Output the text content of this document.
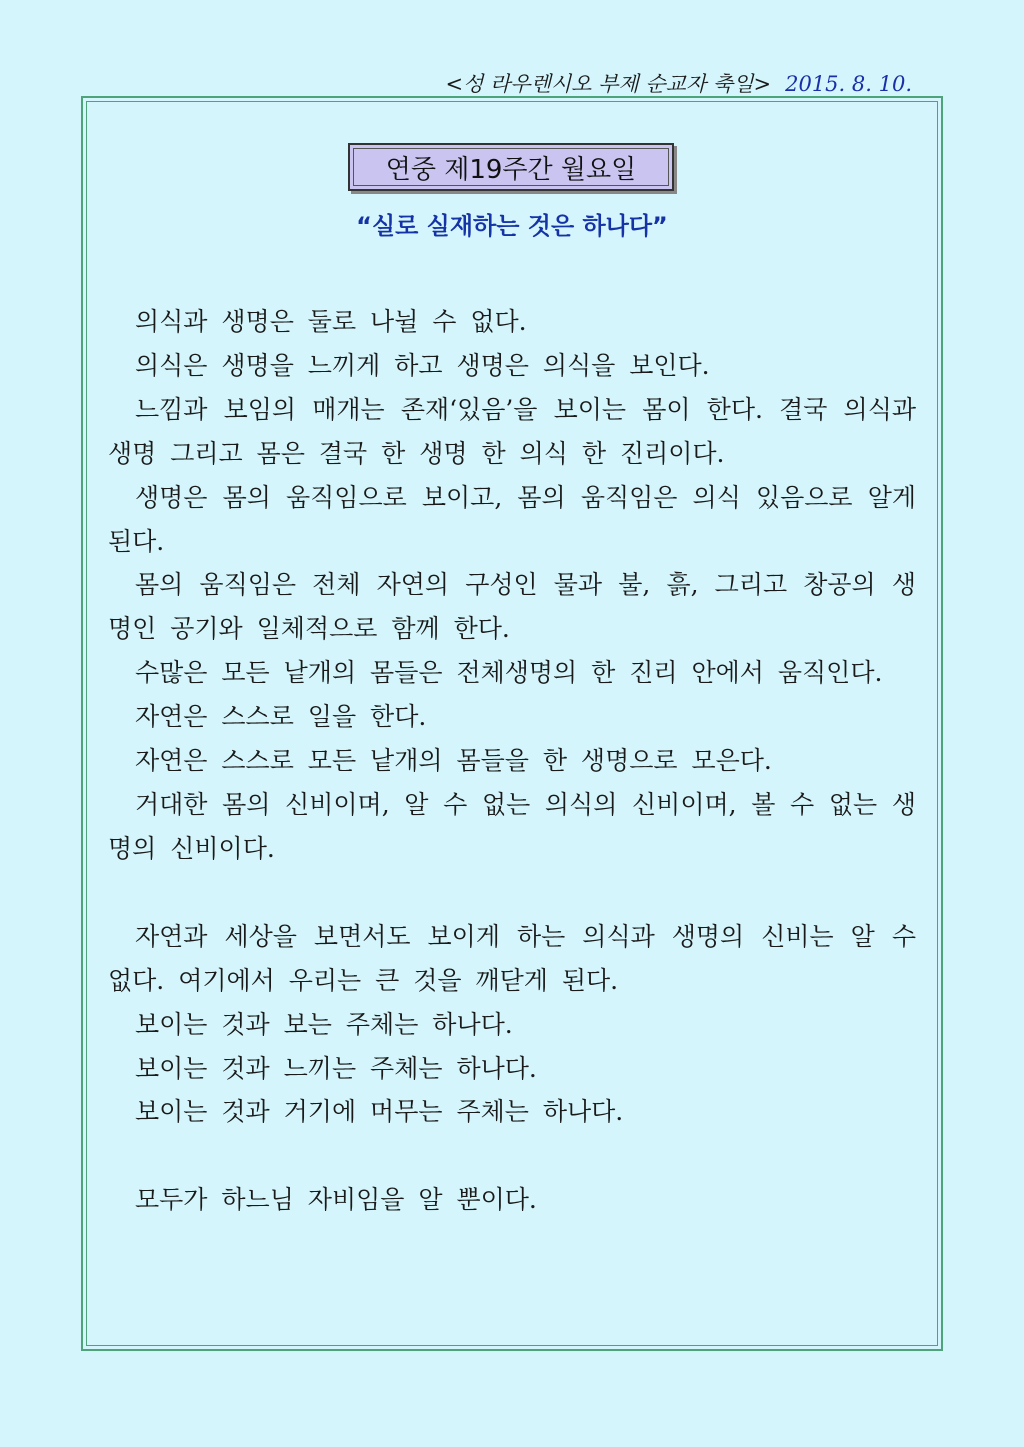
<성 라우렌시오 부제 순교자 축일> 2015. 8. 10.
연중 제19주간 월요일
“실로 실재하는 것은 하나다”

의식과 생명은 둘로 나뉠 수 없다.

의식은 생명을 느끼게 하고 생명은 의식을 보인다.

느낌과 보임의 매개는 존재‘있음’을 보이는 몸이 한다. 결국 의식과 생명 그리고 몸은 결국 한 생명 한 의식 한 진리이다.

생명은 몸의 움직임으로 보이고, 몸의 움직임은 의식 있음으로 알게 된다.

몸의 움직임은 전체 자연의 구성인 물과 불, 흙, 그리고 창공의 생명인 공기와 일체적으로 함께 한다.

수많은 모든 낱개의 몸들은 전체생명의 한 진리 안에서 움직인다.

자연은 스스로 일을 한다.

자연은 스스로 모든 낱개의 몸들을 한 생명으로 모은다.

거대한 몸의 신비이며, 알 수 없는 의식의 신비이며, 볼 수 없는 생명의 신비이다.

자연과 세상을 보면서도 보이게 하는 의식과 생명의 신비는 알 수 없다. 여기에서 우리는 큰 것을 깨닫게 된다.

보이는 것과 보는 주체는 하나다.

보이는 것과 느끼는 주체는 하나다.

보이는 것과 거기에 머무는 주체는 하나다.

모두가 하느님 자비임을 알 뿐이다.
